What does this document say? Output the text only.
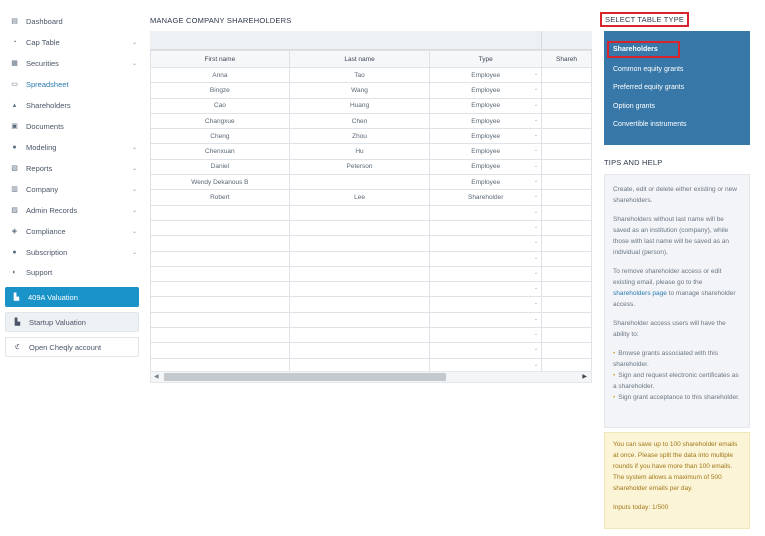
▤ Dashboard
◔	Cap Table	⌄
▦ Securities	⌄
▭ Spreadsheet
▴	Shareholders
▣ Documents
●	Modeling	⌄
▧ Reports	⌄
▥ Company	⌄
▨ Admin Records	⌄
◈ Compliance	⌄
●	Subscription	⌄
◐	Support
▙ 409A Valuation
▙ Startup Valuation
ℭ Open Cheqly account
MANAGE COMPANY SHAREHOLDERS
First name	Last name	Type	Shareh
Anna	Tao	Employee ⌄	

Bingze	Wang	Employee ⌄	

Cao	Huang	Employee ⌄	

Changxue	Chen	Employee ⌄	

Cheng	Zhou	Employee ⌄	

Chenxuan	Hu	Employee ⌄	

Daniel	Peterson	Employee ⌄	

Wendy Dekanous B		Employee ⌄	

Robert	Lee	Shareholder ⌄	

		⌄	

		⌄	

		⌄	

		⌄	

		⌄	

		⌄	

		⌄	

		⌄	

		⌄	

		⌄	

		⌄	

◀	▶
SELECT TABLE TYPE
Shareholders
Common equity grants
Preferred equity grants
Option grants
Convertible instruments
TIPS AND HELP

Create, edit or delete either existing or new shareholders.

Shareholders without last name will be saved as an institution (company), while those with last name will be saved as an individual (person).

To remove shareholder access or edit existing email, please go to the shareholders page to manage shareholder access.

Shareholder access users will have the ability to:

• Browse grants associated with this shareholder.
• Sign and request electronic certificates as a shareholder.
• Sign grant acceptance to this shareholder.
You can save up to 100 shareholder emails at once. Please split the data into multiple rounds if you have more than 100 emails. The system allows a maximum of 500 shareholder emails per day.
Inputs today: 1/500
